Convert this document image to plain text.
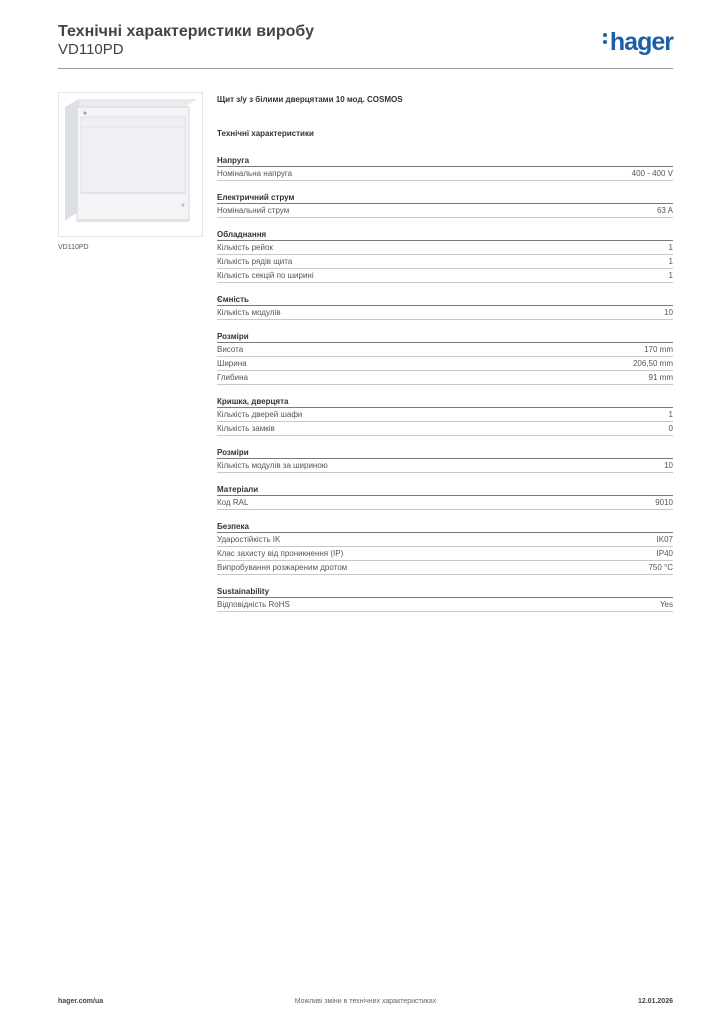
Технічні характеристики виробу
VD110PD	hager
VD110PD
Щит з/у з білими дверцятами 10 мод. COSMOS
Технічні характеристики
Напруга
Номінальна напруга	400 - 400 V
Електричний струм
Номінальний струм	63 A
Обладнання
Кількість рейок	1
Кількість рядів щита	1
Кількість секцій по ширині	1
Ємність
Кількість модулів	10
Розміри
Висота	170 mm
Ширина	206,50 mm
Глибина	91 mm
Кришка, дверцята
Кількість дверей шафи	1
Кількість замків	0
Розміри
Кількість модулів за шириною	10
Матеріали
Код RAL	9010
Безпека
Ударостійкість IK	IK07
Клас захисту від проникнення (IP)	IP40
Випробування розжареним дротом	750 °C
Sustainability
Відповідність RoHS	Yes
hager.com/ua	Можливі зміни в технічних характеристиках	12.01.2026
